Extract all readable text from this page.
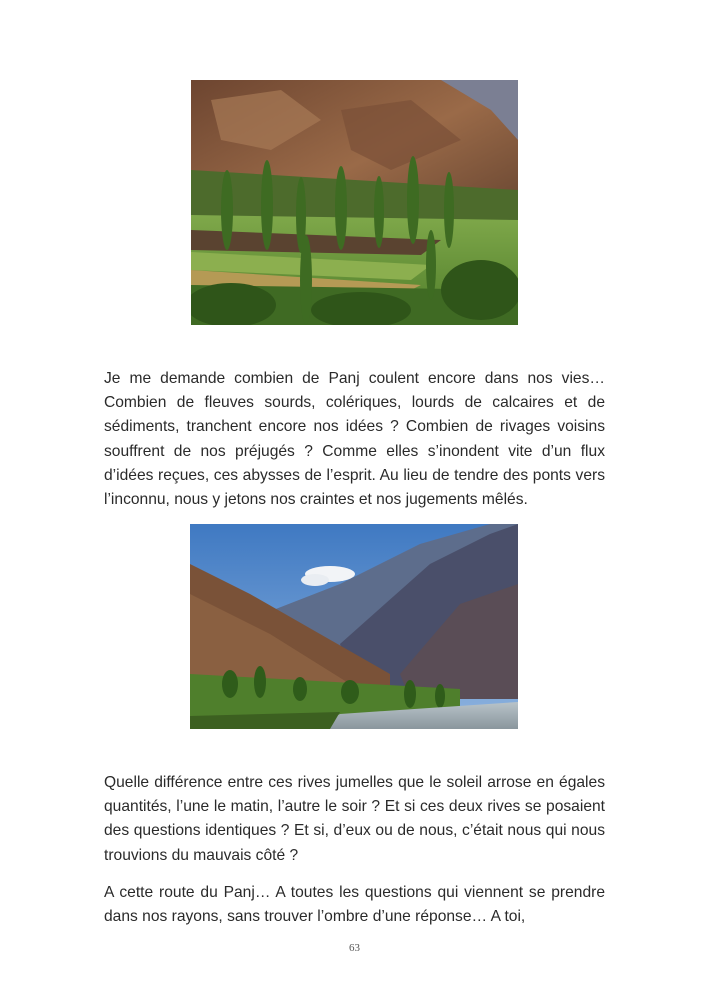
Je me demande combien de Panj coulent encore dans nos vies… Combien de fleuves sourds, colériques, lourds de calcaires et de sédiments, tranchent encore nos idées ? Combien de rivages voisins souffrent de nos préjugés ? Comme elles s’inondent vite d’un flux d’idées reçues, ces abysses de l’esprit. Au lieu de tendre des ponts vers l’inconnu, nous y jetons nos craintes et nos jugements mêlés.

Quelle différence entre ces rives jumelles que le soleil arrose en égales quantités, l’une le matin, l’autre le soir ? Et si ces deux rives se posaient des questions identiques ? Et si, d’eux ou de nous, c’était nous qui nous trouvions du mauvais côté ?

A cette route du Panj… A toutes les questions qui viennent se prendre dans nos rayons, sans trouver l’ombre d’une réponse… A toi,

63
